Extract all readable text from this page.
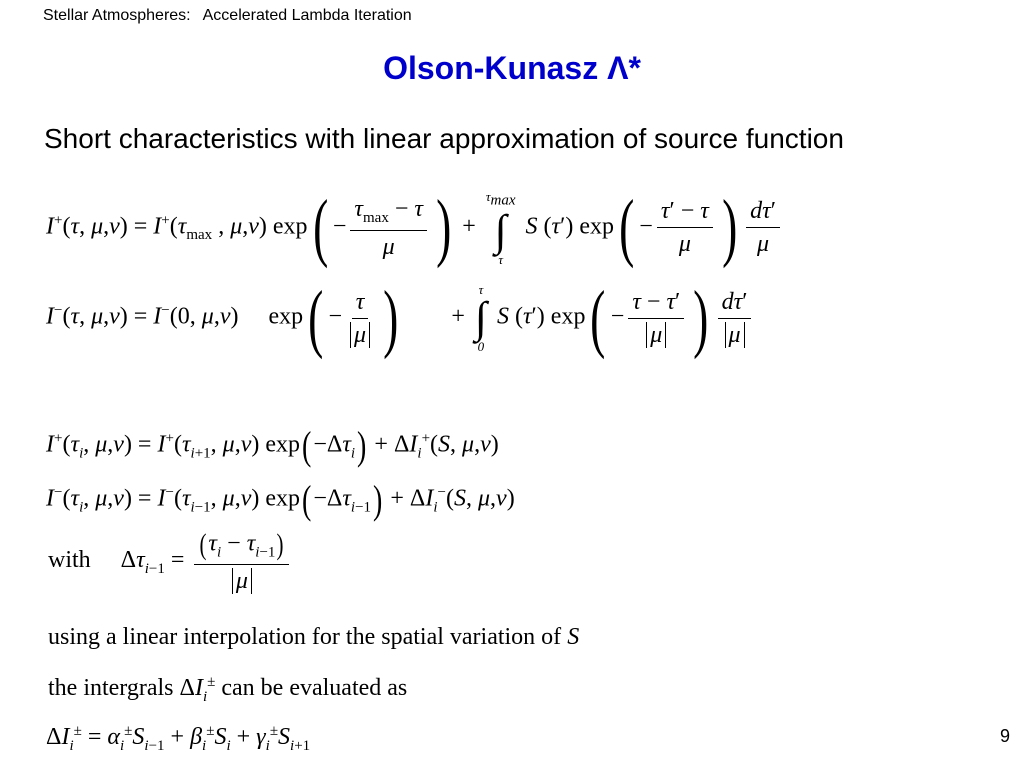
Stellar Atmospheres: Accelerated Lambda Iteration
Olson-Kunasz Λ*
Short characteristics with linear approximation of source function
I+(τ, $\mu,v) = I^+(\tau_{max}$ , μ,v) $\exp( - \frac{\tau_{max} - \tau}{\mu}$ ) +
$\tau_{max}$
∫
τ
S (τ′) $\exp( - \frac{\tau' - \tau}{\mu}$ ) $\frac{d\tau'}{\mu}$
I−(τ, μ,v) = I−(0, μ,v)     $\exp( - \frac{\tau}{\mu}$ )        +
τ
∫
0
S (τ′) $\exp( - \frac{\tau - \tau'}{\mu}$ ) $\frac{d\tau'}{\mu}$
$I^+(\tau_i$, $\mu,v) = I^+(\tau_{i+1}$, μ,v) $\exp(-\Delta\tau_i) + \Delta I_i^+(S$, μ,v)
$I^-(\tau_i$, $\mu,v) = I^-(\tau_{i-1}$, μ,v) $\exp(-\Delta\tau_{i-1}) + \Delta I_i^-(S$, μ,v)
with     $\Delta\tau_{i-1} = \frac{(\tau_i - \tau_{i-1})}{\mu}$
using a linear interpolation for the spatial variation of S
the intergrals $\Delta I_i^\pm$ can be evaluated as
$\Delta I_i^\pm = \alpha_i^\pm S_{i-1} + \beta_i^\pm S_i + \gamma_i^\pm S_{i+1}$	9
